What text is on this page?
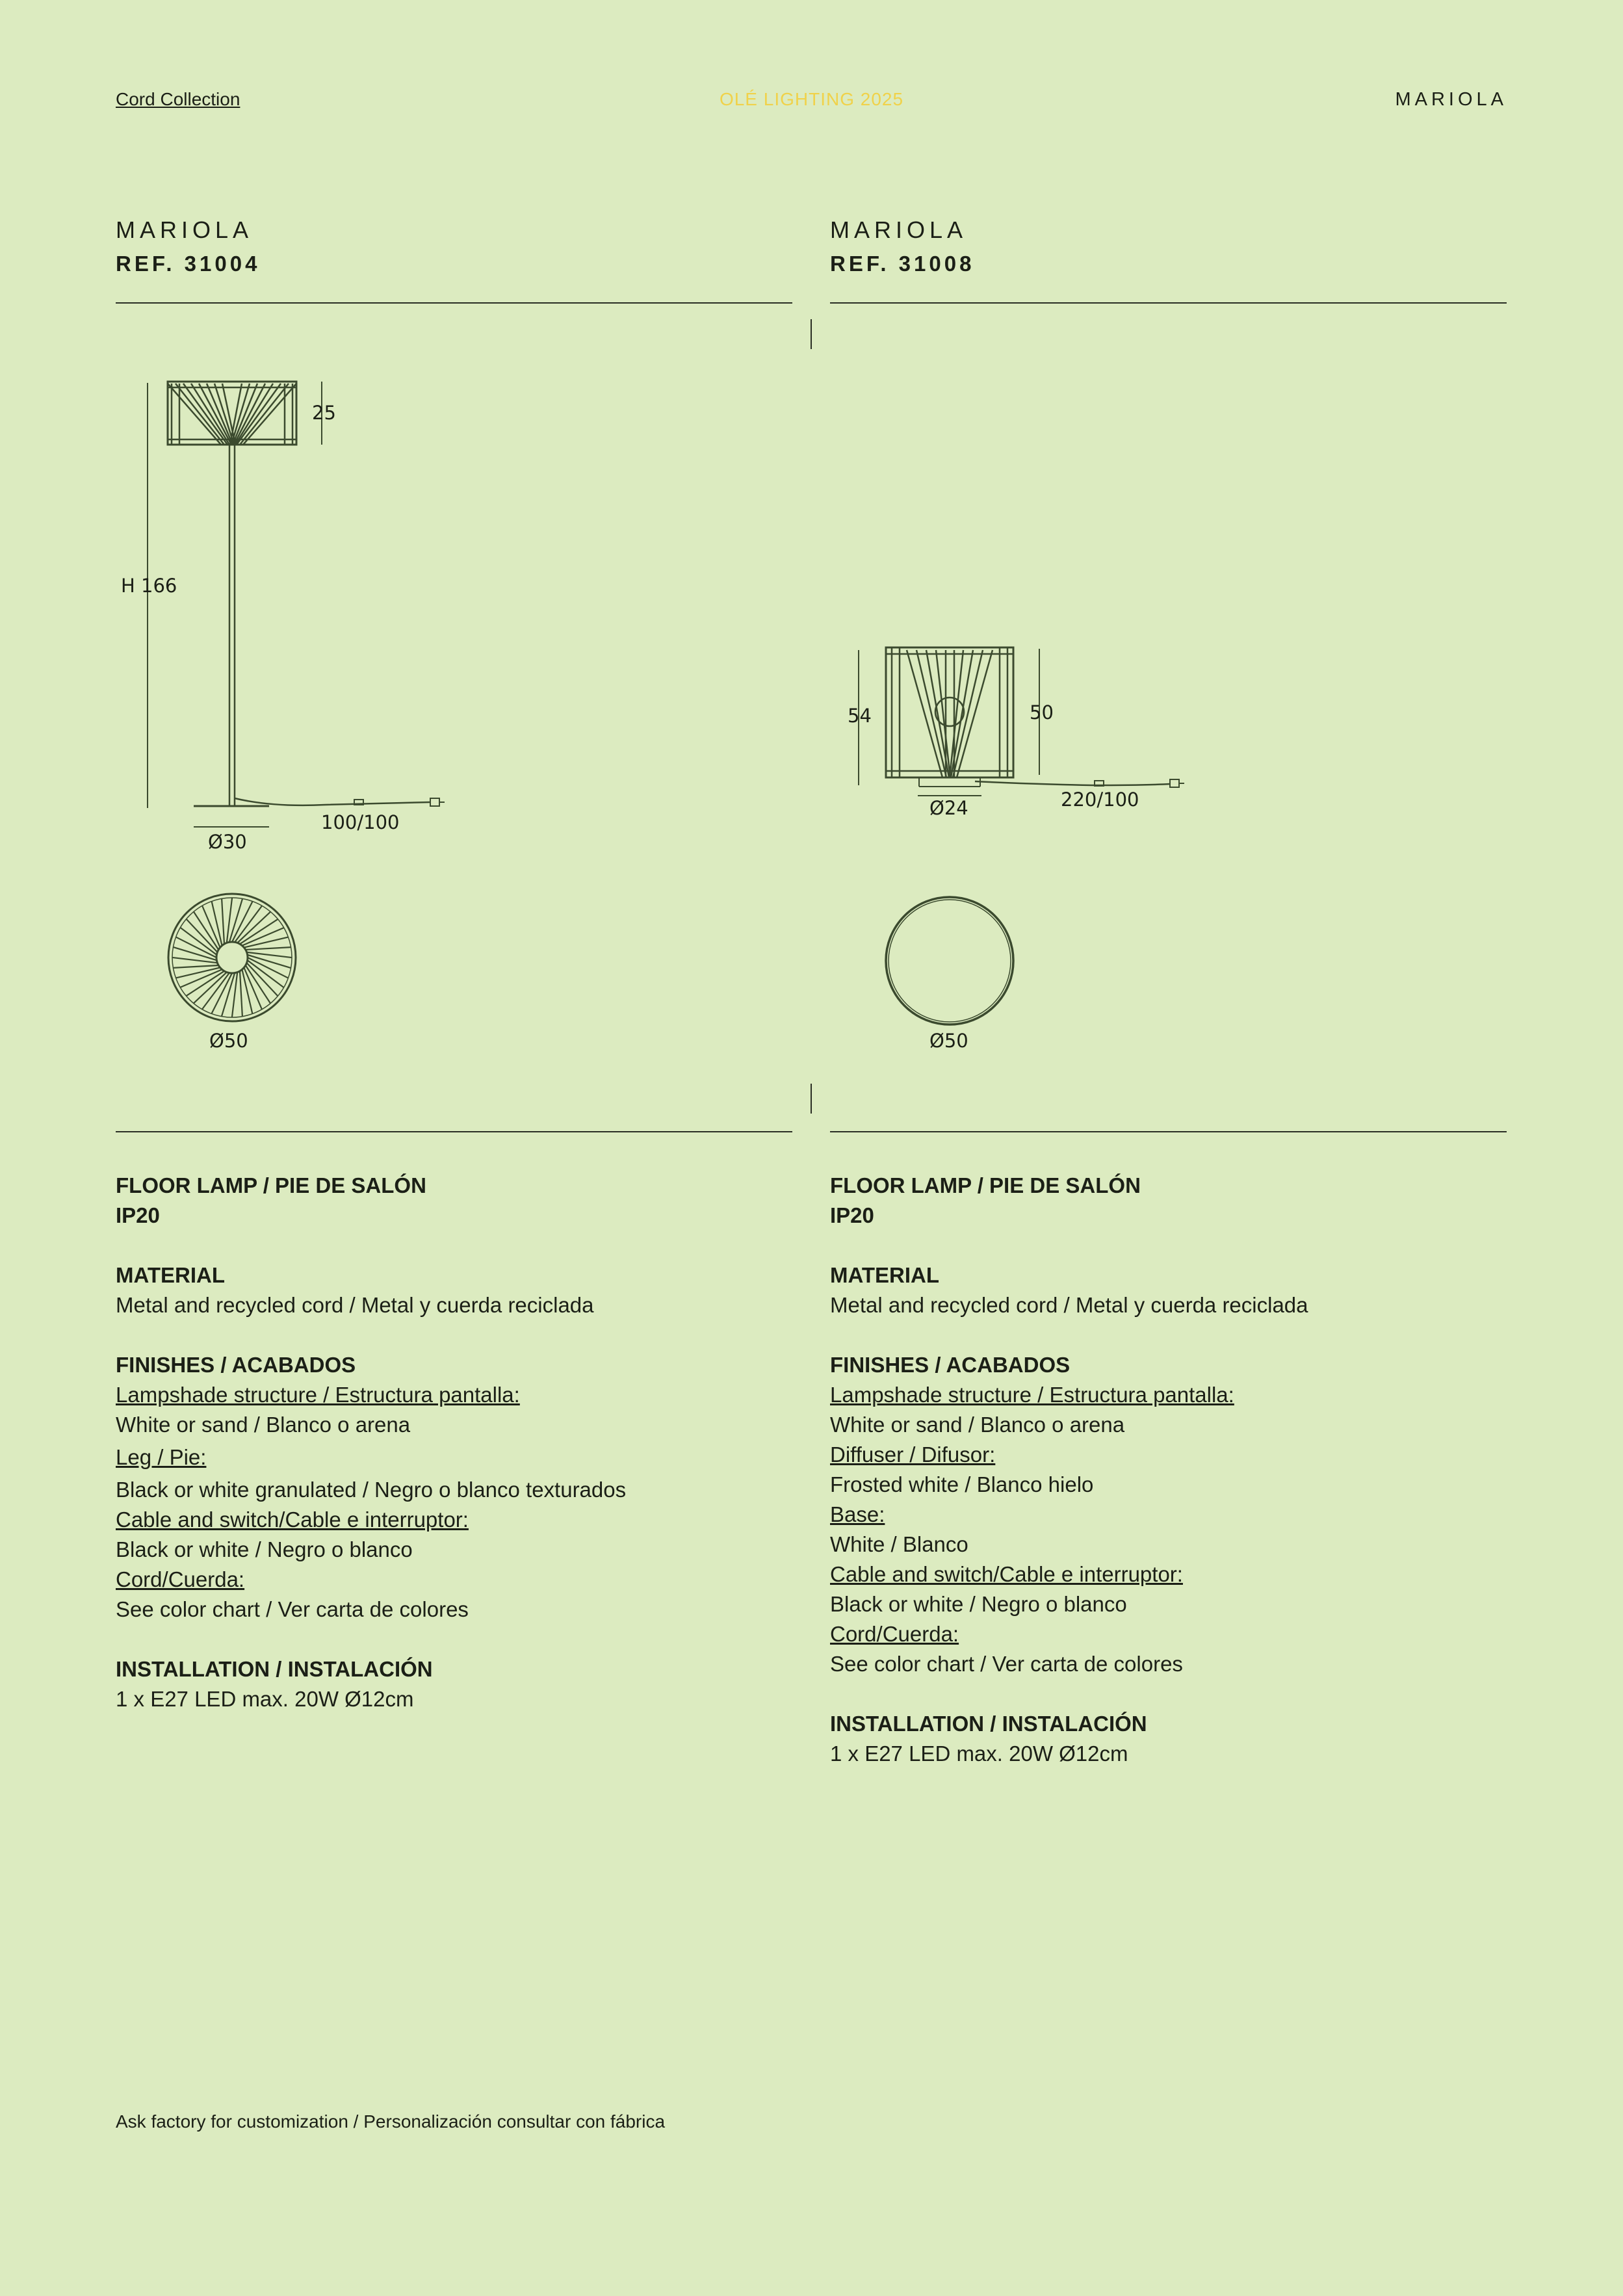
Cord Collection	OLÉ LIGHTING 2025	MARIOLA
MARIOLA
REF. 31004
MARIOLA
REF. 31008
25
H 166
Ø30
100/100
Ø50
54	50
Ø24	220/100
Ø50
FLOOR LAMP / PIE DE SALÓN
IP20
MATERIAL
Metal and recycled cord / Metal y cuerda reciclada
FINISHES / ACABADOS
Lampshade structure / Estructura pantalla:
White or sand / Blanco o arena
Leg / Pie:
Black or white granulated / Negro o blanco texturados
Cable and switch/Cable e interruptor:
Black or white / Negro o blanco
Cord/Cuerda:
See color chart / Ver carta de colores
INSTALLATION / INSTALACIÓN
1 x E27 LED max. 20W Ø12cm
FLOOR LAMP / PIE DE SALÓN
IP20
MATERIAL
Metal and recycled cord / Metal y cuerda reciclada
FINISHES / ACABADOS
Lampshade structure / Estructura pantalla:
White or sand / Blanco o arena
Diffuser / Difusor:
Frosted white / Blanco hielo
Base:
White / Blanco
Cable and switch/Cable e interruptor:
Black or white / Negro o blanco
Cord/Cuerda:
See color chart / Ver carta de colores
INSTALLATION / INSTALACIÓN
1 x E27 LED max. 20W Ø12cm
Ask factory for customization / Personalización consultar con fábrica
